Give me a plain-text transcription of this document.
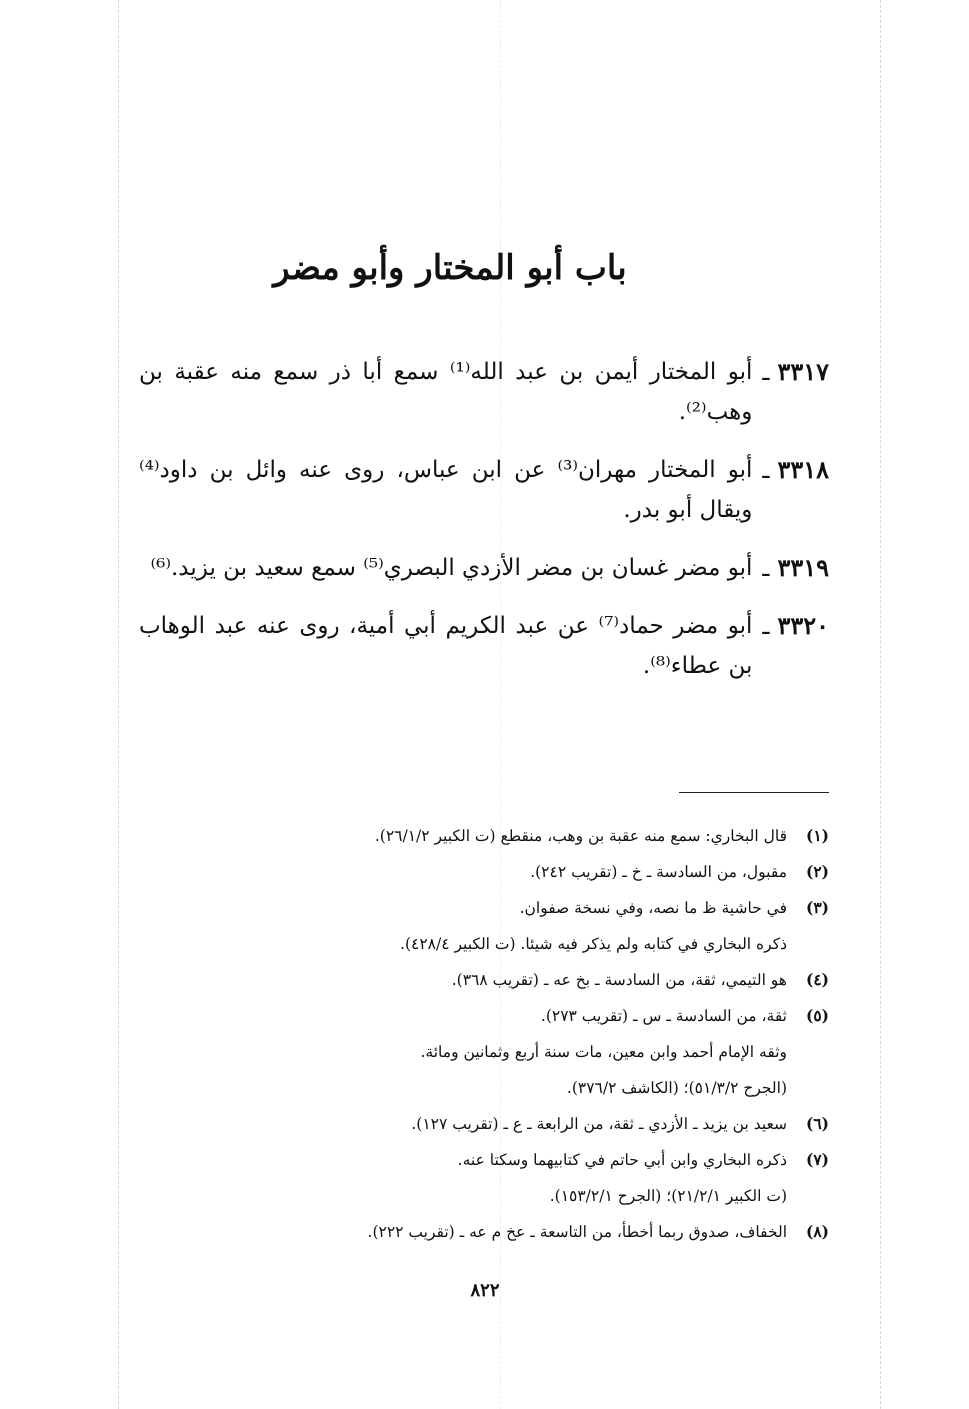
باب أبو المختار وأبو مضر
٣٣١٧
ـ
أبو المختار أيمن بن عبد الله⁽¹⁾ سمع أبا ذر سمع منه عقبة بن وهب⁽²⁾.
٣٣١٨
ـ
أبو المختار مهران⁽³⁾ عن ابن عباس، روى عنه وائل بن داود⁽⁴⁾ ويقال أبو بدر.
٣٣١٩
ـ
أبو مضر غسان بن مضر الأزدي البصري⁽⁵⁾ سمع سعيد بن يزيد.⁽⁶⁾
٣٣٢٠
ـ
أبو مضر حماد⁽⁷⁾ عن عبد الكريم أبي أمية، روى عنه عبد الوهاب بن عطاء⁽⁸⁾.
(١)
قال البخاري: سمع منه عقبة بن وهب، منقطع (ت الكبير ٢٦/١/٢).
(٢)
مقبول، من السادسة ـ خ ـ (تقريب ٢٤٢).
(٣)
في حاشية ظ ما نصه، وفي نسخة صفوان.
ذكره البخاري في كتابه ولم يذكر فيه شيئا. (ت الكبير ٤٢٨/٤).
(٤)
هو التيمي، ثقة، من السادسة ـ بخ عه ـ (تقريب ٣٦٨).
(٥)
ثقة، من السادسة ـ س ـ (تقريب ٢٧٣).
وثقه الإمام أحمد وابن معين، مات سنة أربع وثمانين ومائة.
(الجرح ٥١/٣/٢)؛ (الكاشف ٣٧٦/٢).
(٦)
سعيد بن يزيد ـ الأزدي ـ ثقة، من الرابعة ـ ع ـ (تقريب ١٢٧).
(٧)
ذكره البخاري وابن أبي حاتم في كتابيهما وسكتا عنه.
(ت الكبير ٢١/٢/١)؛ (الجرح ١٥٣/٢/١).
(٨)
الخفاف، صدوق ربما أخطأ، من التاسعة ـ عخ م عه ـ (تقريب ٢٢٢).
٨٢٢
